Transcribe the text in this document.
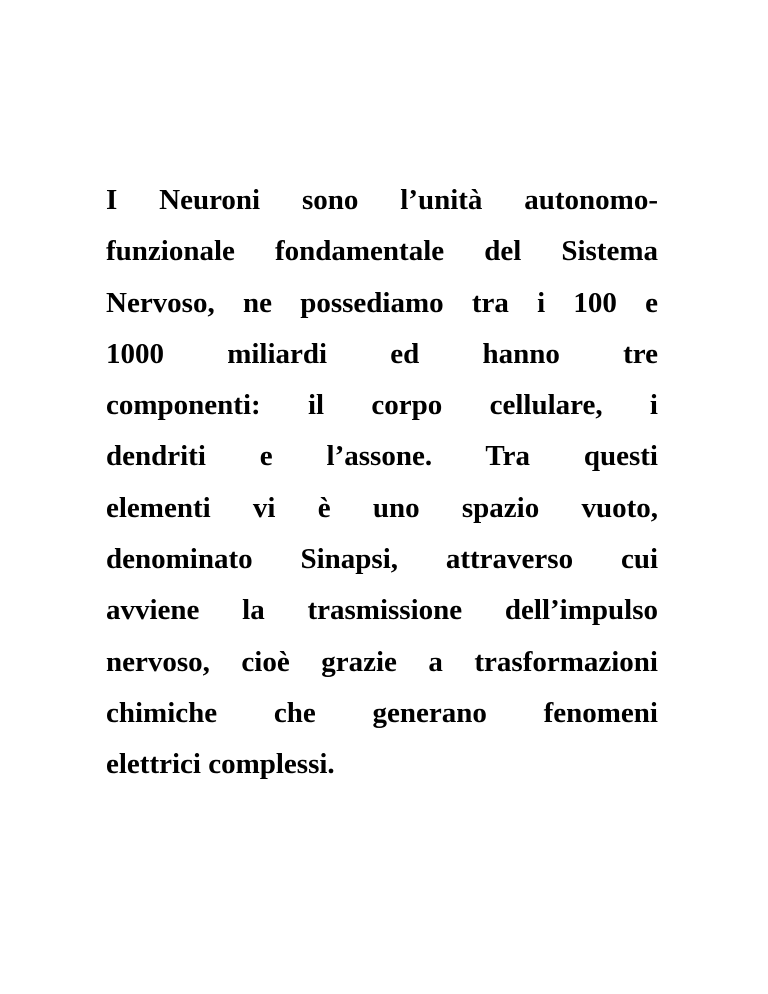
I Neuroni sono l’unità autonomo-
funzionale fondamentale del Sistema
Nervoso, ne possediamo tra i 100 e
1000 miliardi ed hanno tre
componenti: il corpo cellulare, i
dendriti e l’assone. Tra questi
elementi vi è uno spazio vuoto,
denominato Sinapsi, attraverso cui
avviene la trasmissione dell’impulso
nervoso, cioè grazie a trasformazioni
chimiche che generano fenomeni
elettrici complessi.
